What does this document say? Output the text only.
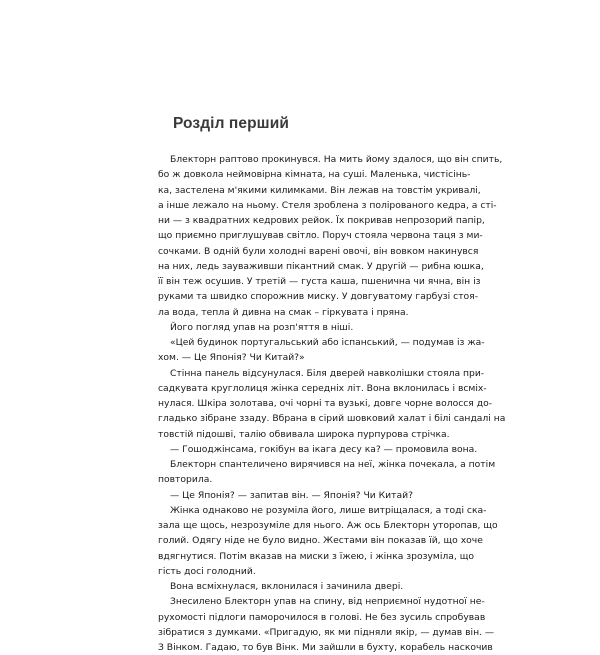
Розділ перший
Блекторн раптово прокинувся. На мить йому здалося, що він спить,
бо ж довкола неймовірна кімната, на суші. Маленька, чистісінь-
ка, застелена м'якими килимками. Він лежав на товстім укривалі,
а інше лежало на ньому. Стеля зроблена з полірованого кедра, а сті-
ни — з квадратних кедрових рейок. Їх покривав непрозорий папір,
що приємно приглушував світло. Поруч стояла червона таця з ми-
сочками. В одній були холодні варені овочі, він вовком накинувся
на них, ледь зауваживши пікантний смак. У другій — рибна юшка,
її він теж осушив. У третій — густа каша, пшенична чи ячна, він із
руками та швидко спорожнив миску. У довгуватому гарбузі стоя-
ла вода, тепла й дивна на смак – гіркувата і пряна.
Його погляд упав на розп'яття в ніші.
«Цей будинок португальський або іспанський, — подумав із жа-
хом. — Це Японія? Чи Китай?»
Стінна панель відсунулася. Біля дверей навколішки стояла при-
садкувата круглолиця жінка середніх літ. Вона вклонилась і всміх-
нулася. Шкіра золотава, очі чорні та вузькі, довге чорне волосся до-
гладько зібране ззаду. Вбрана в сірий шовковий халат і білі сандалі на
товстій підошві, талію обвивала широка пурпурова стрічка.
— Гошоджінсама, гокібун ва ікага десу ка? — промовила вона.
Блекторн спантеличено вирячився на неї, жінка почекала, а потім
повторила.
— Це Японія? — запитав він. — Японія? Чи Китай?
Жінка однаково не розуміла його, лише витріщалася, а тоді ска-
зала ще щось, незрозуміле для нього. Аж ось Блекторн уторопав, що
голий. Одягу ніде не було видно. Жестами він показав їй, що хоче
вдягнутися. Потім вказав на миски з їжею, і жінка зрозуміла, що
гість досі голодний.
Вона всміхнулася, вклонилася і зачинила двері.
Знесилено Блекторн упав на спину, від неприємної нудотної не-
рухомості підлоги паморочилося в голові. Не без зусиль спробував
зібратися з думками. «Пригадую, як ми підняли якір, — думав він. —
З Вінком. Гадаю, то був Вінк. Ми зайшли в бухту, корабель наскочив
